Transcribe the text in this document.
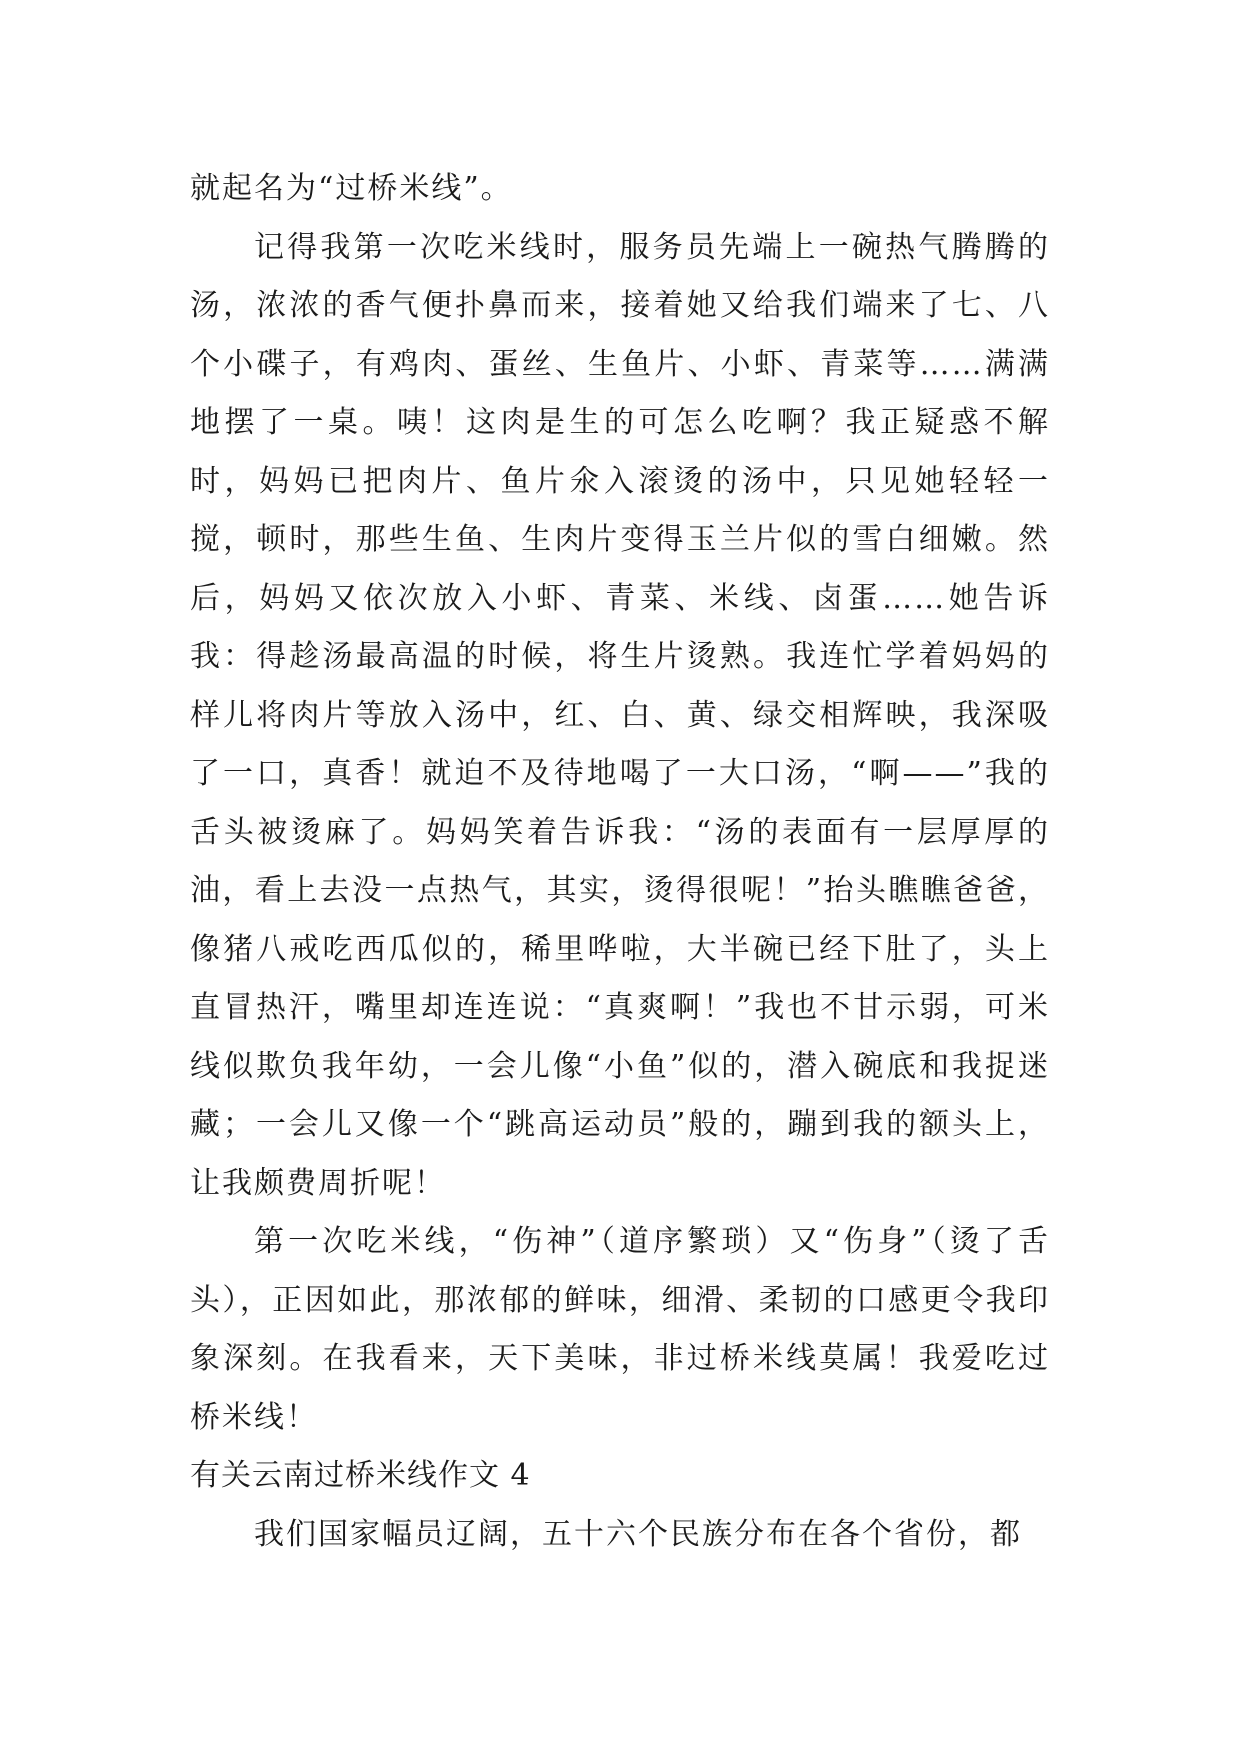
就起名为“过桥米线”。

记得我第一次吃米线时，服务员先端上一碗热气腾腾的汤，浓浓的香气便扑鼻而来，接着她又给我们端来了七、八个小碟子，有鸡肉、蛋丝、生鱼片、小虾、青菜等……满满地摆了一桌。咦！这肉是生的可怎么吃啊？我正疑惑不解时，妈妈已把肉片、鱼片氽入滚烫的汤中，只见她轻轻一搅，顿时，那些生鱼、生肉片变得玉兰片似的雪白细嫩。然后，妈妈又依次放入小虾、青菜、米线、卤蛋……她告诉我：得趁汤最高温的时候，将生片烫熟。我连忙学着妈妈的样儿将肉片等放入汤中，红、白、黄、绿交相辉映，我深吸了一口，真香！就迫不及待地喝了一大口汤，“啊——”我的舌头被烫麻了。妈妈笑着告诉我：“汤的表面有一层厚厚的油，看上去没一点热气，其实，烫得很呢！”抬头瞧瞧爸爸，像猪八戒吃西瓜似的，稀里哗啦，大半碗已经下肚了，头上直冒热汗，嘴里却连连说：“真爽啊！”我也不甘示弱，可米线似欺负我年幼，一会儿像“小鱼”似的，潜入碗底和我捉迷藏；一会儿又像一个“跳高运动员”般的，蹦到我的额头上，让我颇费周折呢！

第一次吃米线，“伤神”（道序繁琐）又“伤身”（烫了舌头），正因如此，那浓郁的鲜味，细滑、柔韧的口感更令我印象深刻。在我看来，天下美味，非过桥米线莫属！我爱吃过桥米线！

有关云南过桥米线作文 4

我们国家幅员辽阔，五十六个民族分布在各个省份，都
